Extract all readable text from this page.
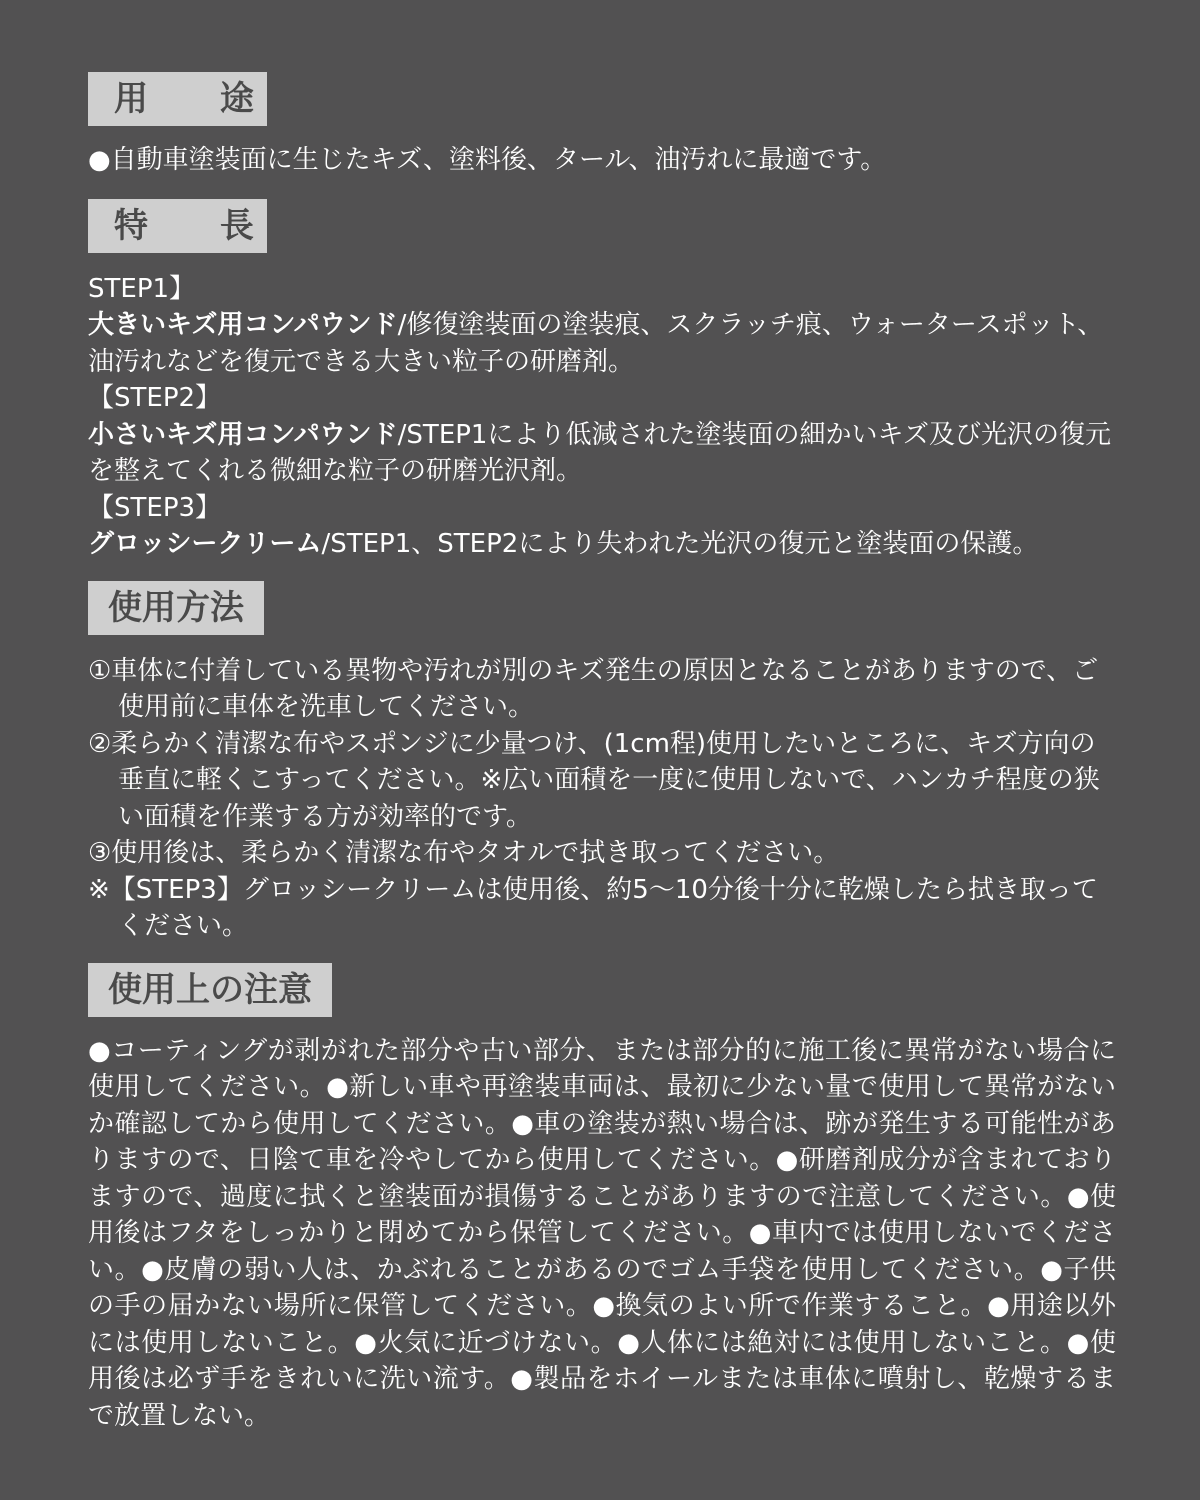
用 途

●自動車塗装面に生じたキズ、塗料後、タール、油汚れに最適です。

特 長
STEP1】
大きいキズ用コンパウンド/修復塗装面の塗装痕、スクラッチ痕、ウォータースポット、油汚れなどを復元できる大きい粒子の研磨剤。
【STEP2】
小さいキズ用コンパウンド/STEP1により低減された塗装面の細かいキズ及び光沢の復元を整えてくれる微細な粒子の研磨光沢剤。
【STEP3】
グロッシークリーム/STEP1、STEP2により失われた光沢の復元と塗装面の保護。
使用方法
①車体に付着している異物や汚れが別のキズ発生の原因となることがありますので、ご使用前に車体を洗車してください。
②柔らかく清潔な布やスポンジに少量つけ、(1cm程)使用したいところに、キズ方向の垂直に軽くこすってください。※広い面積を一度に使用しないで、ハンカチ程度の狭い面積を作業する方が効率的です。
③使用後は、柔らかく清潔な布やタオルで拭き取ってください。
※【STEP3】グロッシークリームは使用後、約5～10分後十分に乾燥したら拭き取ってください。
使用上の注意

●コーティングが剥がれた部分や古い部分、または部分的に施工後に異常がない場合に使用してください。●新しい車や再塗装車両は、最初に少ない量で使用して異常がないか確認してから使用してください。●車の塗装が熱い場合は、跡が発生する可能性がありますので、日陰て車を冷やしてから使用してください。●研磨剤成分が含まれておりますので、過度に拭くと塗装面が損傷することがありますので注意してください。●使用後はフタをしっかりと閉めてから保管してください。●車内では使用しないでください。●皮膚の弱い人は、かぶれることがあるのでゴム手袋を使用してください。●子供の手の届かない場所に保管してください。●換気のよい所で作業すること。●用途以外には使用しないこと。●火気に近づけない。●人体には絶対には使用しないこと。●使用後は必ず手をきれいに洗い流す。●製品をホイールまたは車体に噴射し、乾燥するまで放置しない。
